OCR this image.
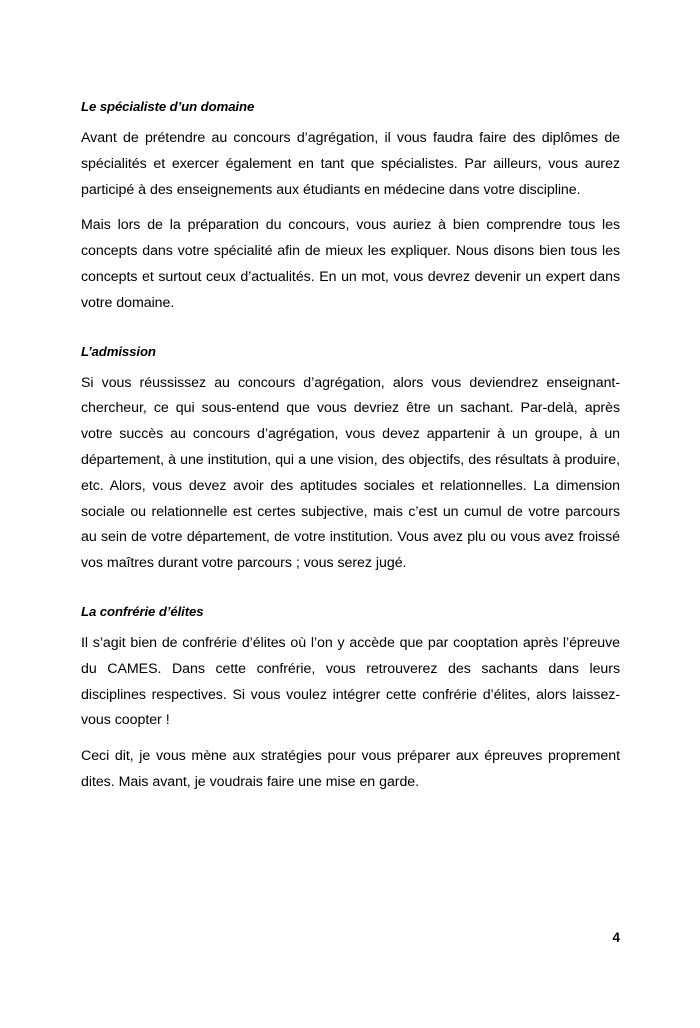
Le spécialiste d’un domaine

Avant de prétendre au concours d’agrégation, il vous faudra faire des diplômes de spécialités et exercer également en tant que spécialistes. Par ailleurs, vous aurez participé à des enseignements aux étudiants en médecine dans votre discipline.

Mais lors de la préparation du concours, vous auriez à bien comprendre tous les concepts dans votre spécialité afin de mieux les expliquer. Nous disons bien tous les concepts et surtout ceux d’actualités. En un mot, vous devrez devenir un expert dans votre domaine.

L’admission

Si vous réussissez au concours d’agrégation, alors vous deviendrez enseignant-chercheur, ce qui sous-entend que vous devriez être un sachant. Par-delà, après votre succès au concours d’agrégation, vous devez appartenir à un groupe, à un département, à une institution, qui a une vision, des objectifs, des résultats à produire, etc. Alors, vous devez avoir des aptitudes sociales et relationnelles. La dimension sociale ou relationnelle est certes subjective, mais c’est un cumul de votre parcours au sein de votre département, de votre institution. Vous avez plu ou vous avez froissé vos maîtres durant votre parcours ; vous serez jugé.

La confrérie d’élites

Il s’agit bien de confrérie d’élites où l’on y accède que par cooptation après l’épreuve du CAMES. Dans cette confrérie, vous retrouverez des sachants dans leurs disciplines respectives. Si vous voulez intégrer cette confrérie d’élites, alors laissez-vous coopter !

Ceci dit, je vous mène aux stratégies pour vous préparer aux épreuves proprement dites. Mais avant, je voudrais faire une mise en garde.

4
